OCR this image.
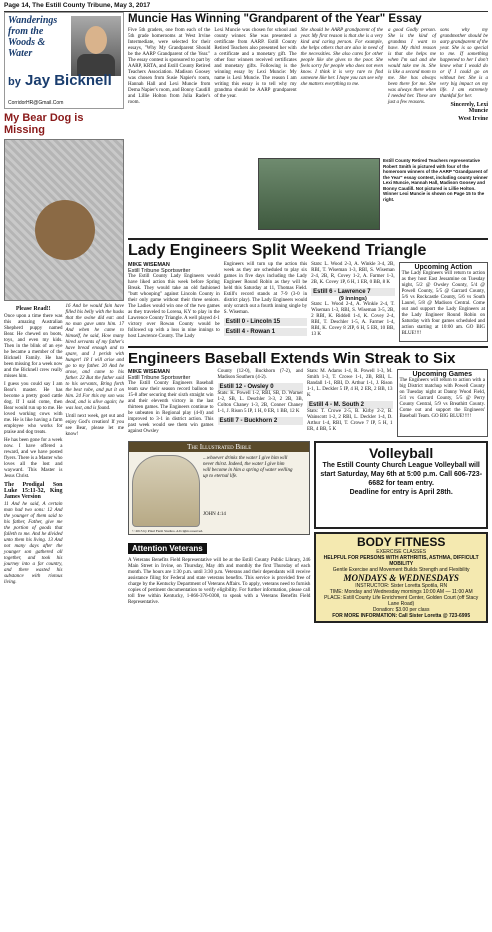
Page 14, The Estill County Tribune, May 3, 2017
Wanderings from the Woods & Water
by Jay Bicknell
CorridorHR@Gmail.Com
My Bear Dog is Missing
Please Read!!

Once upon a time there was this amazing Australian Shepherd puppy named Bear. He chewed on boots, toys, and even my kids. Then in the blink of an eye he became a member of the Bicknell Family. He has been missing for a week now and the Bicknell crew really misses him.

I guess you could say I am Bear's master. He has become a pretty good cattle dog. If I said come, then Bear would run up to me. He loved working cows with me. He is like having a farm employee who works for praise and dog treats.

He has been gone for a week now. I have offered a reward, and we have posted flyers. There is a Master who loves all the lost and wayward. This Master is Jesus Christ.

The Prodigal Son Luke 15:11-32, King James Version

11 And he said, A certain man had two sons: 12 And the younger of them said to his father, Father, give me the portion of goods that falleth to me. And he divided unto them his living. 13 And not many days after the younger son gathered all together, and took his journey into a far country, and there wasted his substance with riotous living.

16 And he would fain have filled his belly with the husks that the swine did eat: and no man gave unto him. 17 And when he came to himself, he said, How many hired servants of my father's have bread enough and to spare, and I perish with hunger! 18 I will arise and go to my father. 20 And he arose, and came to his father. 22 But the father said to his servants, Bring forth the best robe, and put it on him. 24 For this my son was dead, and is alive again; he was lost, and is found.

Until next week, get out and enjoy God's creation! If you see Bear, please let me know!

Muncie Has Winning "Grandparent of the Year" Essay
Five 5th graders, one from each of the 5th grade homerooms at West Irvine Intermediate, were selected for their essays, "Why My Grandparent Should be the AARP Grandparent of the Year." The essay contest is sponsored to part by AARP, KRTA, and Estill County Retired Teachers Association. Madison Goosey was chosen from Susie Napier's room, Hannah Hall and Lexi Muncie from Dema Napier's room, and Bonny Caudill and Lillie Holton from Julia Rader's room.
Lexi Muncie was chosen for school and county winner. She was presented a certificate from AARP. Estill County Retired Teachers also presented her with a certificate and a monetary gift. The other four winners received certificates and monetary gifts. Following is the winning essay by Lexi Muncie: My name is Lexi Muncie. The reason I am writing this essay is to tell why my grandma should be AARP grandparent of the year.
She should be AARP grandparent of the year. My first reason is that she is a very kind and caring person. For example, she helps others that are also in need of the necessities. She also cares for other people like she gives to the poor. She feels sorry for people who does not even know. I think it is very rare to find someone like her. I hope you can see why she matters everything to me.
a good Godly person. She is the kind of grandma I want to have. My third reason is that she helps me when I'm sad and she would take me in. She is like a second mom to me. She has always been there for me. She was always there when I needed her. These are just a few reasons.
sons why my grandmother should be aarp grandparent of the year. She is so special to me. If something happened to her I don't know what I would do or if I could go on without her. She is a very big impact on my life. I am extremely thankful for her.
Sincerely, Lexi Muncie
West Irvine
Estill County Retired Teachers representative Robert Smith is pictured with four of the homeroom winners of the AARP "Grandparent of the Year" essay contest, including county winner Lexi Muncie, Hannah Hall, Madison Goosey and Bonny Caudill. Not pictured is Lillie Holton. Winner Lexi Muncie is shown on Page 15 to the right.
Lady Engineers Split Weekend Triangle
MIKE WISEMAN
Estill Tribune Sportswriter

The Estill County Lady Engineers would have liked action this week before Spring Break. They would take an old fashioned "butt whooping" against Lincoln County in their only game without their three seniors. The Ladies would win one of the two games as they traveled to Lorena, KY to play in the Lawrence County Triangle. A well played 4-1 victory over Rowan County would be followed up with a loss in nine innings to host Lawrence County. The Lady

Engineers will turn up the action this week as they are scheduled to play six games in five days including the Lady Engineer Round Robin as they will be held this Saturday at 11, Thomas Field. Estill's record stands at 7-9 (3-0 in district play). The Lady Engineers would only scratch out a fourth inning single by S. Wiseman.

Estill 0 - Lincoln 15
Estill 4 - Rowan 1

Stats: L. Wood 2-3, A. Winkle 3-4, 2B, RBI, T. Wiseman 1-3, RBI, S. Wiseman 2-4, 2B, R, Covey 1-2, A. Farmer 1-3, 2B, K. Covey 1P, 6 H, 1 ER, 0 BB, 8 K

Estill 6 - Lawrence 7
(9 innings)

Stats: L. Wood 2-4, A. Winkle 2-4, T. Wiseman 1-3, RBI, S. Wiseman 3-5, 2B, 2 RBI, K. Riddell 1-4, K. Covey 2-4, RBI, T. Deschler 1-5, A. Farmer 1-4, RBI, K. Covey 8 2IP, 6 H, 5 ER, 10 BB, 13 K

Upcoming Action

The Lady Engineers will return to action as they host East Jessamine on Tuesday night, 5/2 @ Owsley County, 5/4 @ Powell County, 5/5 @ Garrard County, 5/6 vs Rockcastle County, 5/6 vs South Laurel, 5/8 @ Madison Central. Come out and support the Lady Engineers at the Lady Engineer Round Robin on Saturday with four games scheduled and action starting at 10:00 am. GO BIG BLUE!!!!

Engineers Baseball Extends Win Streak to Six
MIKE WISEMAN
Estill Tribune Sportswriter

The Estill County Engineers Baseball team saw their season record balloon to 15-8 after securing their sixth straight win and their eleventh victory in the last thirteen games. The Engineers continue to be unbeaten in Regional play (4-0) and improved to 3-1 in district action. This past week would see them win games against Owsley

County (12-0), Buckhorn (7-2), and Madison Southern (4-2).

Estill 12 - Owsley 0

Stats: K. Powell 1-2, RBI, SB, D. Warner 1-2, SB, L. Deschler 3-3, 2 2B, 3B, Colton Chaney 1-3, 2B, Conner Chaney 1-1, J. Rison 5 IP, 1 H, 0 ER, 1 BB, 12 K

Estill 7 - Buckhorn 2

Stats: M. Adams 1-4, R. Powell 1-3, M. Smith 1-3, T. Crowe 1-1, 2B, RBI, L. Randall 1-1, RBI, D. Arthur 1-1, J. Rison 1-1, L. Deckler 5 IP, 4 H, 2 ER, 2 BB, 13 K

Estill 4 - M. South 2

Stats: T. Crowe 2-5, B. Kirby 2-2, B. Wainscott 1-2, 2 RBI, L. Deckler 1-4, D. Arthur 1-4, RBI, T. Crowe 7 IP, 5 H, 1 ER, 4 BB, 5 K

Upcoming Games

The Engineers will return to action with a big District matchup with Powell County on Tuesday night at Danny Wood Field, 5/4 vs Garrard County, 5/5 @ Perry County Central, 5/9 vs Breathitt County. Come out and support the Engineers' Baseball Team. GO BIG BLUE!!!!!

The Illustrated Bible
...whoever drinks the water I give him will never thirst. Indeed, the water I give him will become in him a spring of water welling up to eternal life.
JOHN 4:14
© 2015 by Pixel Farm Studios. All rights reserved.
Attention Veterans

A Veterans Benefits Field Representative will be at the Estill County Public Library, 246 Main Street in Irvine, on Thursday, May 4th and monthly the first Thursday of each month. The hours are 1:30 p.m. until 3:30 p.m. Veterans and their dependants will receive assistance filing for Federal and state veterans benefits. This service is provided free of charge by the Kentucky Department of Veterans Affairs. To apply, veterans need to furnish copies of pertinent documentation to verify eligibility. For further information, please call toll free within Kentucky, 1-866-376-0308, to speak with a Veterans Benefits Field Representative.

Volleyball
The Estill County Church League Volleyball will start Saturday, May 6th at 5:00 p.m. Call 606-723-6682 for team entry.
Deadline for entry is April 28th.
BODY FITNESS
EXERCISE CLASSES
HELPFUL FOR PERSONS WITH ARTHRITIS, ASTHMA, DIFFICULT MOBILITY
Gentle Exercise and Movement Builds Strength and Flexibility
MONDAYS & WEDNESDAYS
INSTRUCTOR: Sister Loretta Spotila, RN
TIME: Monday and Wednesday mornings 10:00 AM — 11:00 AM
PLACE: Estill County Life Enrichment Center, Golden Court (off Stacy Lane Road)
Donation: $3.00 per class
FOR MORE INFORMATION: Call Sister Loretta @ 723-6995
